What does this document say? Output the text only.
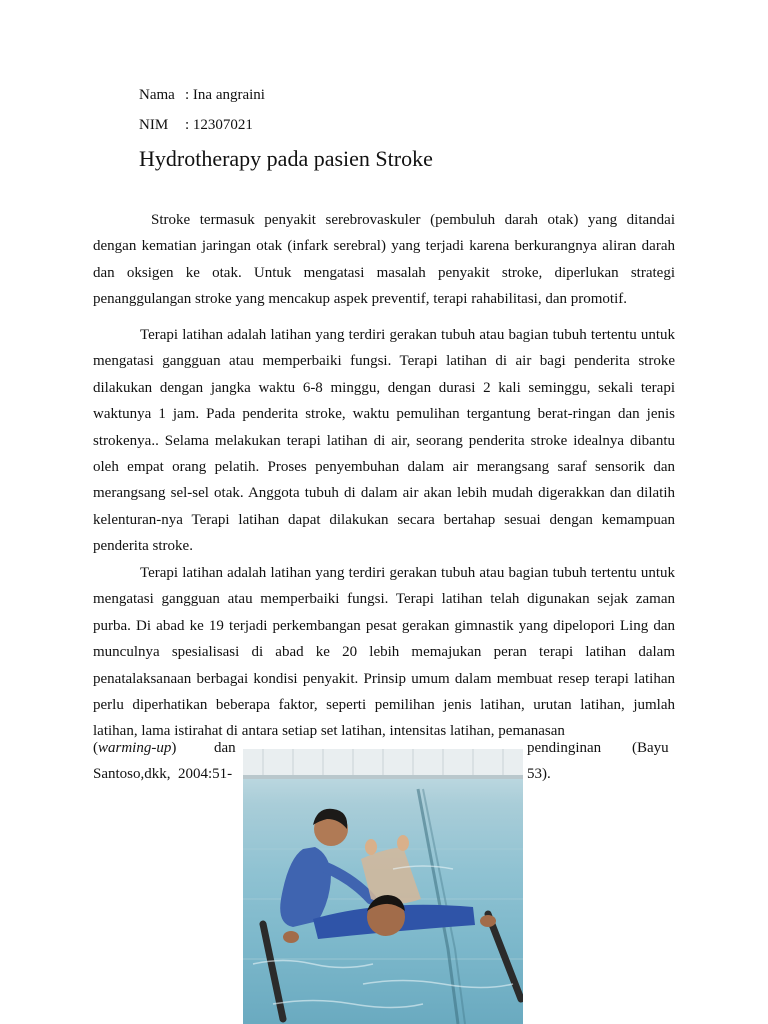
Nama : Ina angraini
NIM : 12307021
Hydrotherapy pada pasien Stroke

Stroke termasuk penyakit serebrovaskuler (pembuluh darah otak) yang ditandai dengan kematian jaringan otak (infark serebral) yang terjadi karena berkurangnya aliran darah dan oksigen ke otak. Untuk mengatasi masalah penyakit stroke, diperlukan strategi penanggulangan stroke yang mencakup aspek preventif, terapi rahabilitasi, dan promotif.

Terapi latihan adalah latihan yang terdiri gerakan tubuh atau bagian tubuh tertentu untuk mengatasi gangguan atau memperbaiki fungsi. Terapi latihan di air bagi penderita stroke dilakukan dengan jangka waktu 6-8 minggu, dengan durasi 2 kali seminggu, sekali terapi waktunya 1 jam. Pada penderita stroke, waktu pemulihan tergantung berat-ringan dan jenis strokenya.. Selama melakukan terapi latihan di air, seorang penderita stroke idealnya dibantu oleh empat orang pelatih. Proses penyembuhan dalam air merangsang saraf sensorik dan merangsang sel-sel otak. Anggota tubuh di dalam air akan lebih mudah digerakkan dan dilatih kelenturan-nya Terapi latihan dapat dilakukan secara bertahap sesuai dengan kemampuan penderita stroke.

Terapi latihan adalah latihan yang terdiri gerakan tubuh atau bagian tubuh tertentu untuk mengatasi gangguan atau memperbaiki fungsi. Terapi latihan telah digunakan sejak zaman purba. Di abad ke 19 terjadi perkembangan pesat gerakan gimnastik yang dipelopori Ling dan munculnya spesialisasi di abad ke 20 lebih memajukan peran terapi latihan dalam penatalaksanaan berbagai kondisi penyakit. Prinsip umum dalam membuat resep terapi latihan perlu diperhatikan beberapa faktor, seperti pemilihan jenis latihan, urutan latihan, jumlah latihan, lama istirahat di antara setiap set latihan, intensitas latihan, pemanasan

(warming-up)	dan	pendinginan (Bayu
Santoso,dkk,  2004:51-	53).
